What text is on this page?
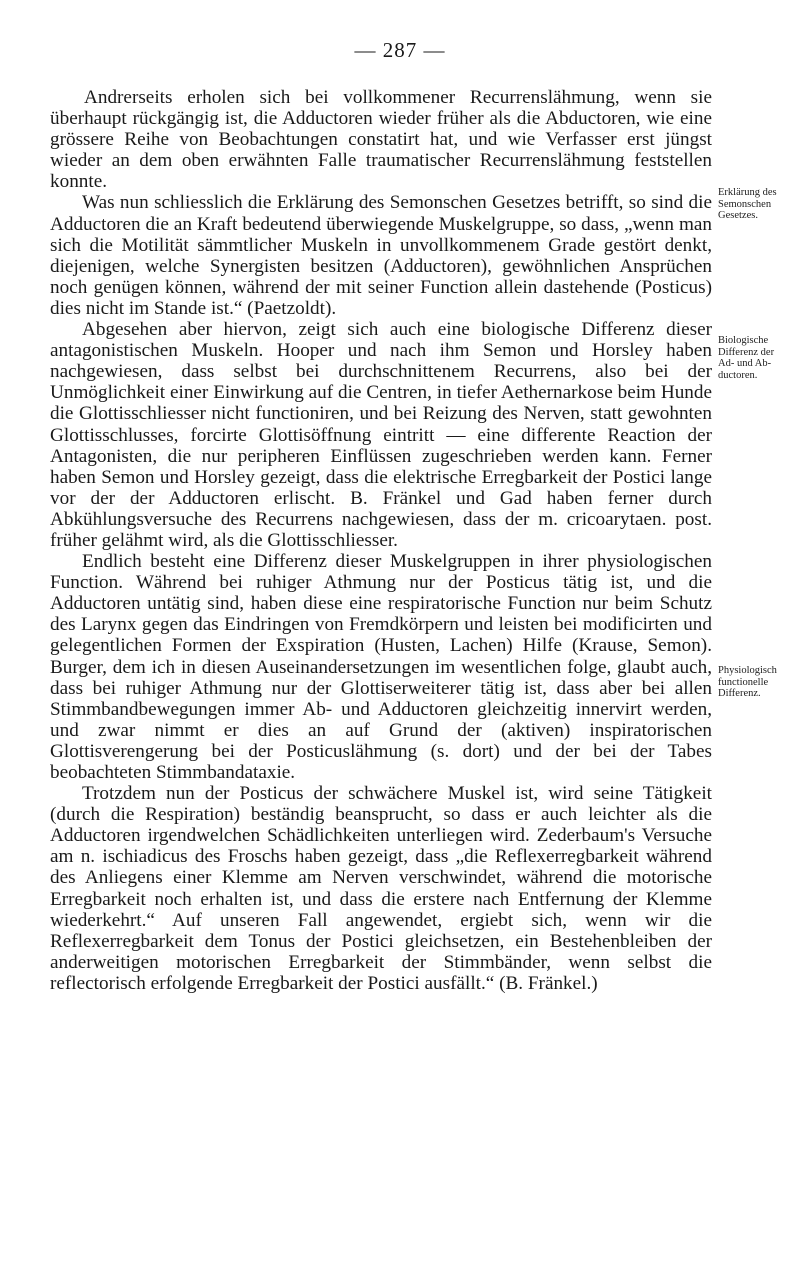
— 287 —

Andrerseits erholen sich bei vollkommener Recurrenslähmung, wenn sie überhaupt rückgängig ist, die Adductoren wieder früher als die Abductoren, wie eine grössere Reihe von Beobachtungen constatirt hat, und wie Verfasser erst jüngst wieder an dem oben erwähnten Falle traumatischer Recurrenslähmung feststellen konnte.

Was nun schliesslich die Erklärung des Semonschen Gesetzes betrifft, so sind die Adductoren die an Kraft bedeutend überwiegende Muskelgruppe, so dass, „wenn man sich die Motilität sämmtlicher Muskeln in unvollkommenem Grade gestört denkt, diejenigen, welche Synergisten besitzen (Adductoren), gewöhnlichen Ansprüchen noch genügen können, während der mit seiner Function allein dastehende (Posticus) dies nicht im Stande ist.“ (Paetzoldt).

Abgesehen aber hiervon, zeigt sich auch eine biologische Differenz dieser antagonistischen Muskeln. Hooper und nach ihm Semon und Horsley haben nachgewiesen, dass selbst bei durchschnittenem Recurrens, also bei der Unmöglichkeit einer Einwirkung auf die Centren, in tiefer Aethernarkose beim Hunde die Glottisschliesser nicht functioniren, und bei Reizung des Nerven, statt gewohnten Glottisschlusses, forcirte Glottisöffnung eintritt — eine differente Reaction der Antagonisten, die nur peripheren Einflüssen zugeschrieben werden kann. Ferner haben Semon und Horsley gezeigt, dass die elektrische Erregbarkeit der Postici lange vor der der Adductoren erlischt. B. Fränkel und Gad haben ferner durch Abkühlungsversuche des Recurrens nachgewiesen, dass der m. cricoarytaen. post. früher gelähmt wird, als die Glottisschliesser.

Endlich besteht eine Differenz dieser Muskelgruppen in ihrer physiologischen Function. Während bei ruhiger Athmung nur der Posticus tätig ist, und die Adductoren untätig sind, haben diese eine respiratorische Function nur beim Schutz des Larynx gegen das Eindringen von Fremdkörpern und leisten bei modificirten und gelegentlichen Formen der Exspiration (Husten, Lachen) Hilfe (Krause, Semon). Burger, dem ich in diesen Auseinandersetzungen im wesentlichen folge, glaubt auch, dass bei ruhiger Athmung nur der Glottiserweiterer tätig ist, dass aber bei allen Stimmbandbewegungen immer Ab- und Adductoren gleichzeitig innervirt werden, und zwar nimmt er dies an auf Grund der (aktiven) inspiratorischen Glottisverengerung bei der Posticuslähmung (s. dort) und der bei der Tabes beobachteten Stimmbandataxie.

Trotzdem nun der Posticus der schwächere Muskel ist, wird seine Tätigkeit (durch die Respiration) beständig beansprucht, so dass er auch leichter als die Adductoren irgendwelchen Schädlichkeiten unterliegen wird. Zederbaum's Versuche am n. ischiadicus des Froschs haben gezeigt, dass „die Reflexerregbarkeit während des Anliegens einer Klemme am Nerven verschwindet, während die motorische Erregbarkeit noch erhalten ist, und dass die erstere nach Entfernung der Klemme wiederkehrt.“ Auf unseren Fall angewendet, ergiebt sich, wenn wir die Reflexerregbarkeit dem Tonus der Postici gleichsetzen, ein Bestehenbleiben der anderweitigen motorischen Erregbarkeit der Stimmbänder, wenn selbst die reflectorisch erfolgende Erregbarkeit der Postici ausfällt.“ (B. Fränkel.)

Erklärung des
Semonschen
Gesetzes.
Biologische
Differenz der
Ad- und Ab-
ductoren.
Physiologisch
functionelle
Differenz.
